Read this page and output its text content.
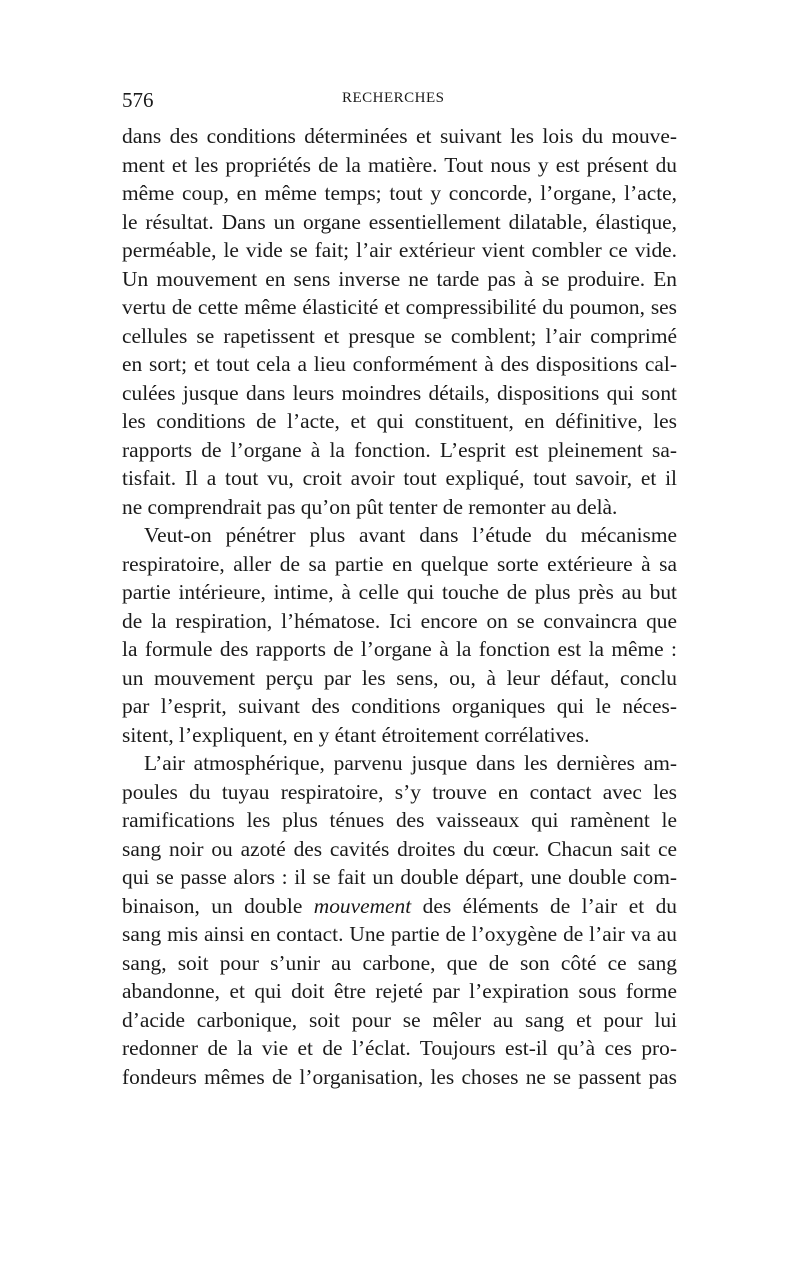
576	RECHERCHES
dans des conditions déterminées et suivant les lois du mouve-
ment et les propriétés de la matière. Tout nous y est présent du
même coup, en même temps; tout y concorde, l’organe, l’acte,
le résultat. Dans un organe essentiellement dilatable, élastique,
perméable, le vide se fait; l’air extérieur vient combler ce vide.
Un mouvement en sens inverse ne tarde pas à se produire. En
vertu de cette même élasticité et compressibilité du poumon, ses
cellules se rapetissent et presque se comblent; l’air comprimé
en sort; et tout cela a lieu conformément à des dispositions cal-
culées jusque dans leurs moindres détails, dispositions qui sont
les conditions de l’acte, et qui constituent, en définitive, les
rapports de l’organe à la fonction. L’esprit est pleinement sa-
tisfait. Il a tout vu, croit avoir tout expliqué, tout savoir, et il
ne comprendrait pas qu’on pût tenter de remonter au delà.
Veut-on pénétrer plus avant dans l’étude du mécanisme
respiratoire, aller de sa partie en quelque sorte extérieure à sa
partie intérieure, intime, à celle qui touche de plus près au but
de la respiration, l’hématose. Ici encore on se convaincra que
la formule des rapports de l’organe à la fonction est la même :
un mouvement perçu par les sens, ou, à leur défaut, conclu
par l’esprit, suivant des conditions organiques qui le néces-
sitent, l’expliquent, en y étant étroitement corrélatives.
L’air atmosphérique, parvenu jusque dans les dernières am-
poules du tuyau respiratoire, s’y trouve en contact avec les
ramifications les plus ténues des vaisseaux qui ramènent le
sang noir ou azoté des cavités droites du cœur. Chacun sait ce
qui se passe alors : il se fait un double départ, une double com-
binaison, un double mouvement des éléments de l’air et du
sang mis ainsi en contact. Une partie de l’oxygène de l’air va au
sang, soit pour s’unir au carbone, que de son côté ce sang
abandonne, et qui doit être rejeté par l’expiration sous forme
d’acide carbonique, soit pour se mêler au sang et pour lui
redonner de la vie et de l’éclat. Toujours est-il qu’à ces pro-
fondeurs mêmes de l’organisation, les choses ne se passent pas
